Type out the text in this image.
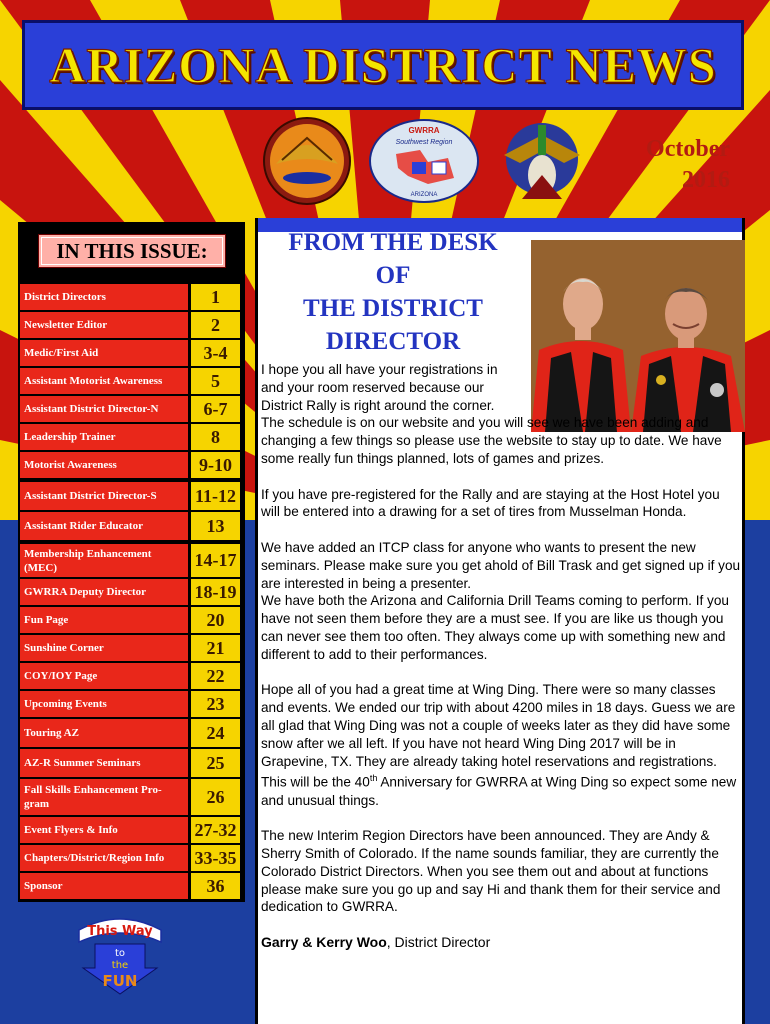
ARIZONA DISTRICT NEWS
GWRRA
Southwest Region
ARIZONA
October
2016
IN THIS ISSUE:
District Directors	1
Newsletter Editor	2
Medic/First Aid	3-4
Assistant Motorist Awareness	5
Assistant District Director-N	6-7
Leadership Trainer	8
Motorist Awareness	9-10
Assistant District Director-S	11-12
Assistant Rider Educator	13
Membership Enhancement (MEC)	14-17
GWRRA Deputy Director	18-19
Fun Page	20
Sunshine Corner	21
COY/IOY Page	22
Upcoming Events	23
Touring AZ	24
AZ-R Summer Seminars	25
Fall Skills Enhancement Pro-gram	26
Event Flyers & Info	27-32
Chapters/District/Region Info	33-35
Sponsor	36
This Way
to
the
FUN
FROM THE DESK
OF
THE DISTRICT
DIRECTOR

I hope you all have your registrations in and your room reserved because our District Rally is right around the corner.
The schedule is on our website and you will see we have been adding and changing a few things so please use the website to stay up to date. We have some really fun things planned, lots of games and prizes.

If you have pre-registered for the Rally and are staying at the Host Hotel you will be entered into a drawing for a set of tires from Musselman Honda.

We have added an ITCP class for anyone who wants to present the new seminars. Please make sure you get ahold of Bill Trask and get signed up if you are interested in being a presenter.
We have both the Arizona and California Drill Teams coming to perform. If you have not seen them before they are a must see. If you are like us though you can never see them too often. They always come up with something new and different to add to their performances.

Hope all of you had a great time at Wing Ding. There were so many classes and events. We ended our trip with about 4200 miles in 18 days. Guess we are all glad that Wing Ding was not a couple of weeks later as they did have some snow after we all left. If you have not heard Wing Ding 2017 will be in Grapevine, TX. They are already taking hotel reservations and registrations. This will be the 40th Anniversary for GWRRA at Wing Ding so expect some new and unusual things.

The new Interim Region Directors have been announced. They are Andy & Sherry Smith of Colorado. If the name sounds familiar, they are currently the Colorado District Directors. When you see them out and about at functions please make sure you go up and say Hi and thank them for their service and dedication to GWRRA.

Garry & Kerry Woo, District Director
